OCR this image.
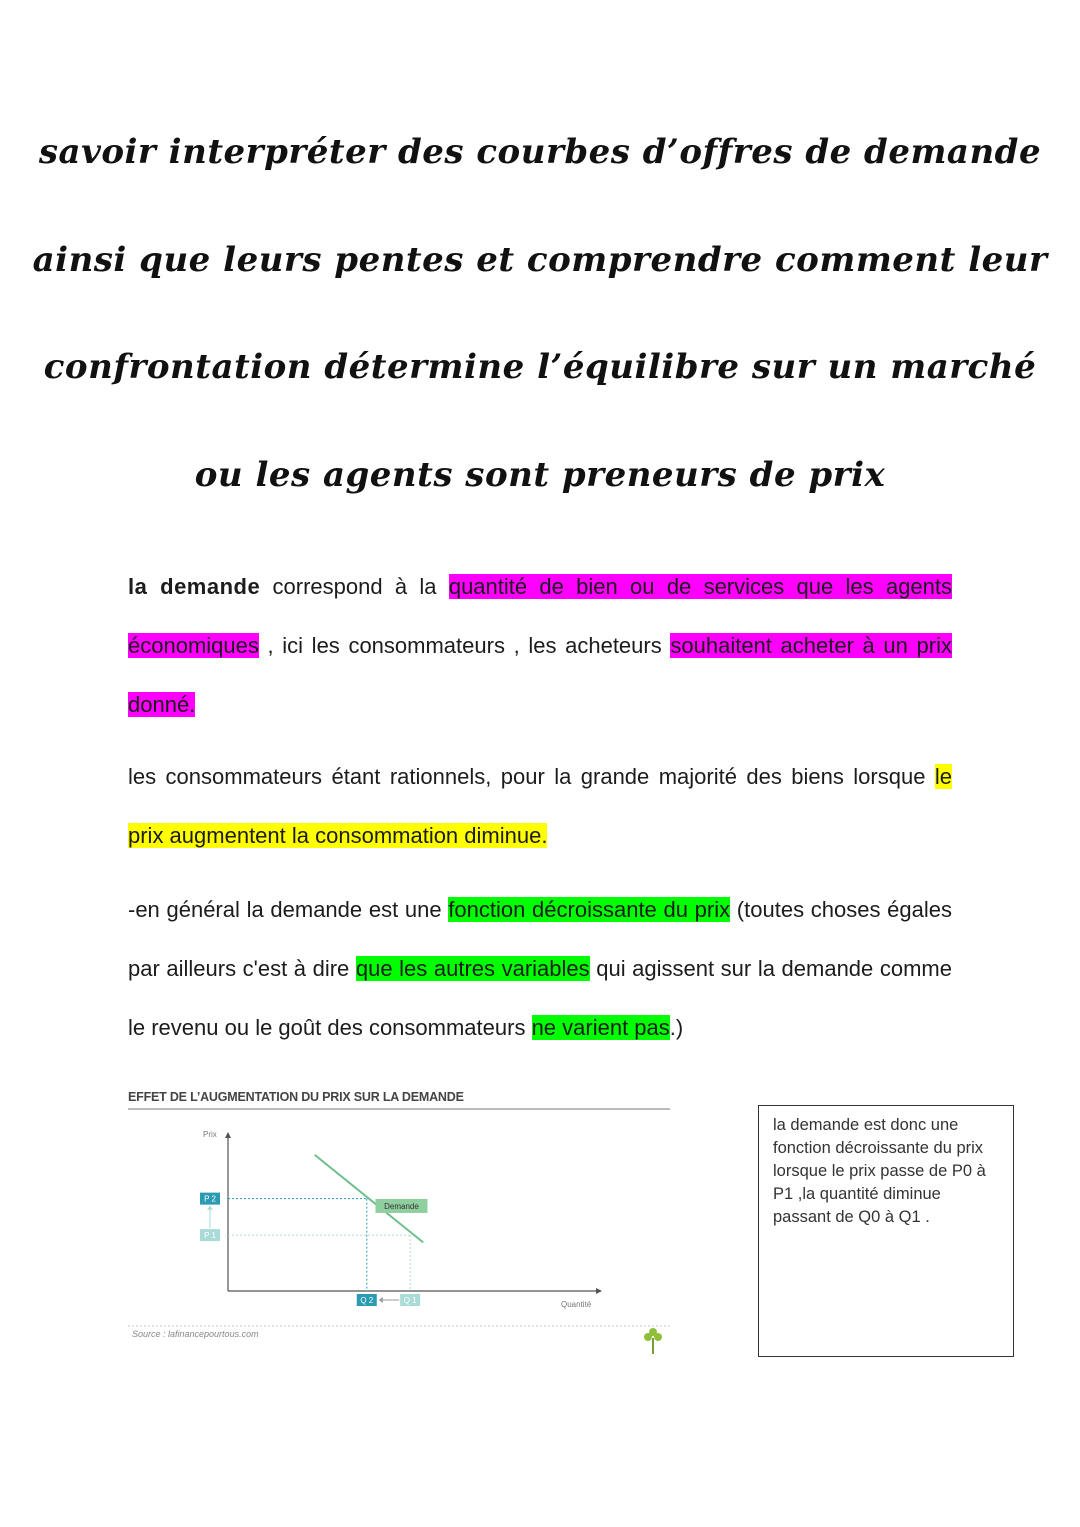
savoir interpréter des courbes d’offres de demande
ainsi que leurs pentes et comprendre comment leur
confrontation détermine l’équilibre sur un marché
ou les agents sont preneurs de prix

la demande correspond à la quantité de bien ou de services que les agents économiques , ici les consommateurs , les acheteurs souhaitent acheter à un prix donné.

les consommateurs étant rationnels, pour la grande majorité des biens lorsque le prix augmentent la consommation diminue.

-en général la demande est une fonction décroissante du prix (toutes choses égales par ailleurs c'est à dire que les autres variables qui agissent sur la demande comme le revenu ou le goût des consommateurs ne varient pas.)

EFFET DE L’AUGMENTATION DU PRIX SUR LA DEMANDE
Prix
Quantité
Demande
P 2
Q 2
P 1
Q 1
Source : lafinancepourtous.com
la demande est donc une fonction décroissante du prix lorsque le prix passe de P0 à P1 ,la quantité diminue passant de Q0 à Q1 .
